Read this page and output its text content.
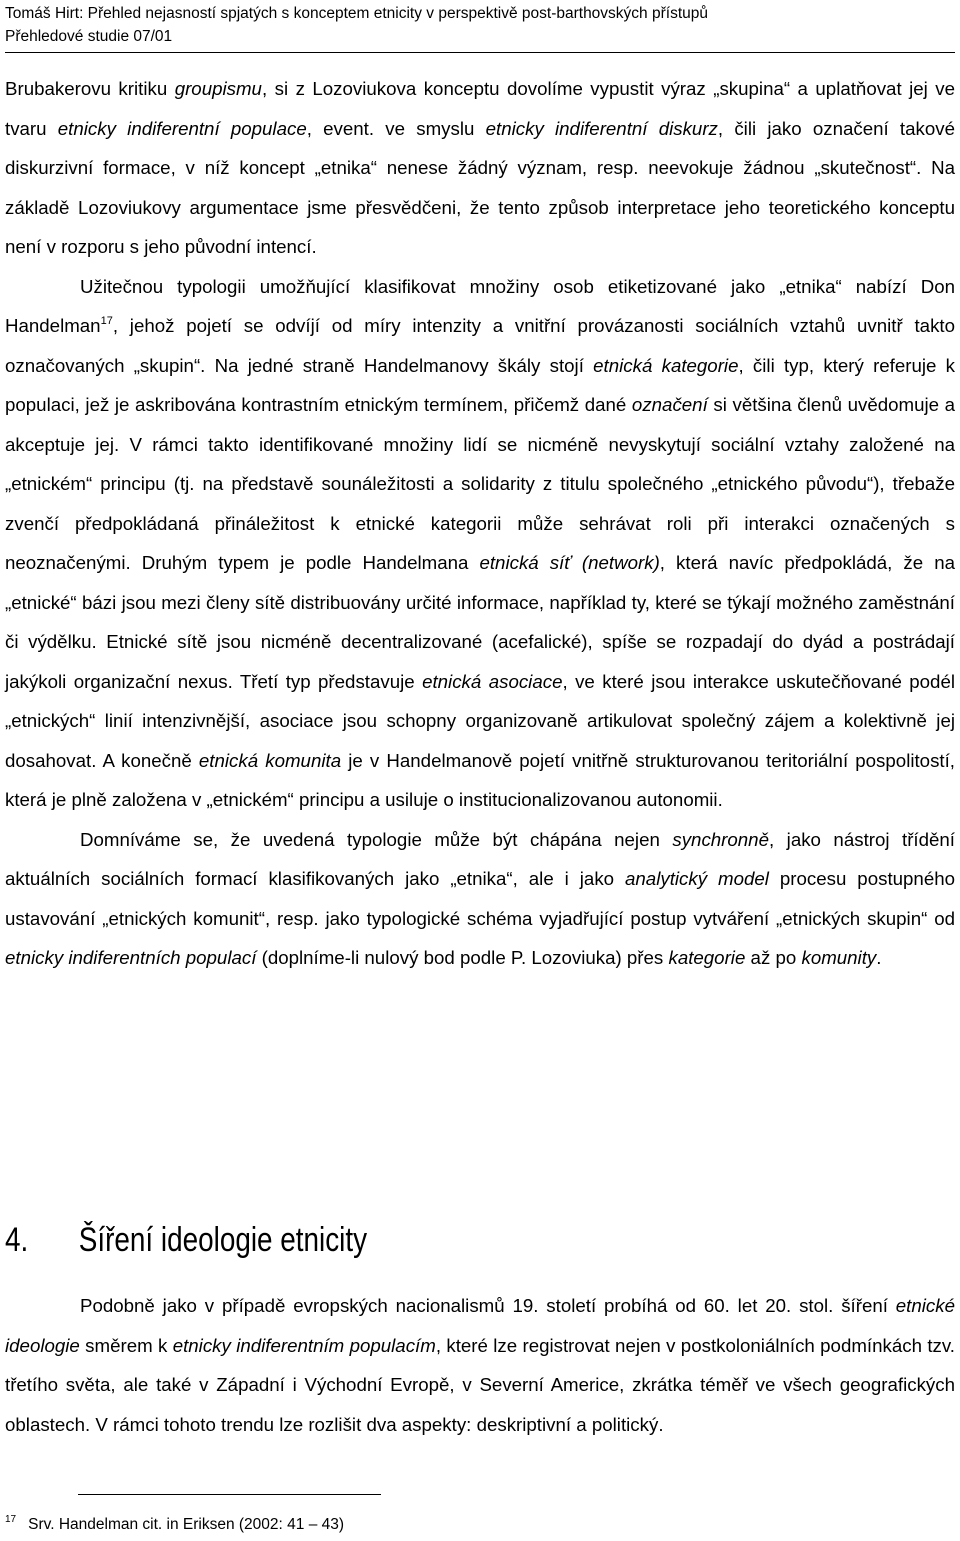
Tomáš Hirt: Přehled nejasností spjatých s konceptem etnicity v perspektivě post-barthovských přístupů
Přehledové studie 07/01

Brubakerovu kritiku groupismu, si z Lozoviukova konceptu dovolíme vypustit výraz „skupina“ a uplatňovat jej ve tvaru etnicky indiferentní populace, event. ve smyslu etnicky indiferentní diskurz, čili jako označení takové diskurzivní formace, v níž koncept „etnika“ nenese žádný význam, resp. neevokuje žádnou „skutečnost“. Na základě Lozoviukovy argumentace jsme přesvědčeni, že tento způsob interpretace jeho teoretického konceptu není v rozporu s jeho původní intencí.

Užitečnou typologii umožňující klasifikovat množiny osob etiketizované jako „etnika“ nabízí Don Handelman$^{17}$, jehož pojetí se odvíjí od míry intenzity a vnitřní provázanosti sociálních vztahů uvnitř takto označovaných „skupin“. Na jedné straně Handelmanovy škály stojí etnická kategorie, čili typ, který referuje k populaci, jež je askribována kontrastním etnickým termínem, přičemž dané označení si většina členů uvědomuje a akceptuje jej. V rámci takto identifikované množiny lidí se nicméně nevyskytují sociální vztahy založené na „etnickém“ principu (tj. na představě sounáležitosti a solidarity z titulu společného „etnického původu“), třebaže zvenčí předpokládaná přináležitost k etnické kategorii může sehrávat roli při interakci označených s neoznačenými. Druhým typem je podle Handelmana etnická síť (network), která navíc předpokládá, že na „etnické“ bázi jsou mezi členy sítě distribuovány určité informace, například ty, které se týkají možného zaměstnání či výdělku. Etnické sítě jsou nicméně decentralizované (acefalické), spíše se rozpadají do dyád a postrádají jakýkoli organizační nexus. Třetí typ představuje etnická asociace, ve které jsou interakce uskutečňované podél „etnických“ linií intenzivnější, asociace jsou schopny organizovaně artikulovat společný zájem a kolektivně jej dosahovat. A konečně etnická komunita je v Handelmanově pojetí vnitřně strukturovanou teritoriální pospolitostí, která je plně založena v „etnickém“ principu a usiluje o institucionalizovanou autonomii.

Domníváme se, že uvedená typologie může být chápána nejen synchronně, jako nástroj třídění aktuálních sociálních formací klasifikovaných jako „etnika“, ale i jako analytický model procesu postupného ustavování „etnických komunit“, resp. jako typologické schéma vyjadřující postup vytváření „etnických skupin“ od etnicky indiferentních populací (doplníme-li nulový bod podle P. Lozoviuka) přes kategorie až po komunity.

4. Šíření ideologie etnicity

Podobně jako v případě evropských nacionalismů 19. století probíhá od 60. let 20. stol. šíření etnické ideologie směrem k etnicky indiferentním populacím, které lze registrovat nejen v postkoloniálních podmínkách tzv. třetího světa, ale také v Západní i Východní Evropě, v Severní Americe, zkrátka téměř ve všech geografických oblastech. V rámci tohoto trendu lze rozlišit dva aspekty: deskriptivní a politický.

$^{17}$ Srv. Handelman cit. in Eriksen (2002: 41 – 43)
